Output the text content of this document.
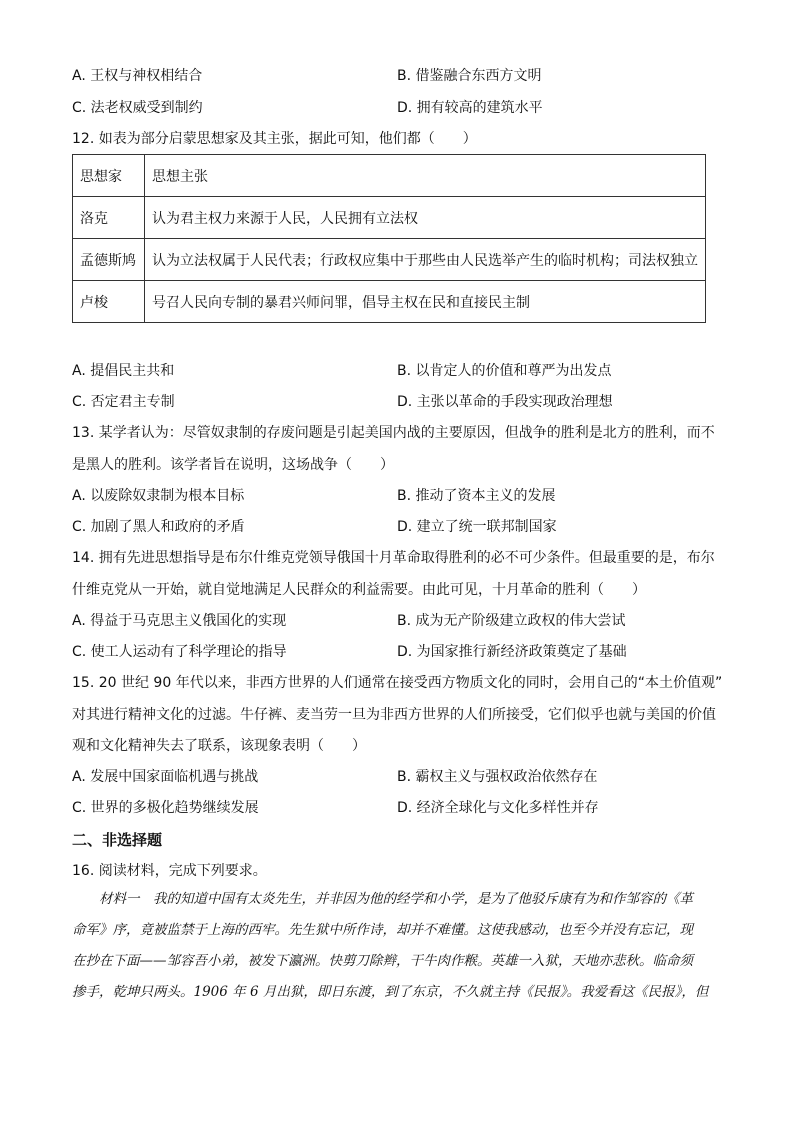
A. 王权与神权相结合	B. 借鉴融合东西方文明
C. 法老权威受到制约	D. 拥有较高的建筑水平
12. 如表为部分启蒙思想家及其主张，据此可知，他们都（　　）
思想家	思想主张
洛克	认为君主权力来源于人民，人民拥有立法权
孟德斯鸠	认为立法权属于人民代表；行政权应集中于那些由人民选举产生的临时机构；司法权独立
卢梭	号召人民向专制的暴君兴师问罪，倡导主权在民和直接民主制
A. 提倡民主共和	B. 以肯定人的价值和尊严为出发点
C. 否定君主专制	D. 主张以革命的手段实现政治理想
13. 某学者认为：尽管奴隶制的存废问题是引起美国内战的主要原因，但战争的胜利是北方的胜利，而不
是黑人的胜利。该学者旨在说明，这场战争（　　）
A. 以废除奴隶制为根本目标	B. 推动了资本主义的发展
C. 加剧了黑人和政府的矛盾	D. 建立了统一联邦制国家
14. 拥有先进思想指导是布尔什维克党领导俄国十月革命取得胜利的必不可少条件。但最重要的是，布尔
什维克党从一开始，就自觉地满足人民群众的利益需要。由此可见，十月革命的胜利（　　）
A. 得益于马克思主义俄国化的实现	B. 成为无产阶级建立政权的伟大尝试
C. 使工人运动有了科学理论的指导	D. 为国家推行新经济政策奠定了基础
15. 20 世纪 90 年代以来，非西方世界的人们通常在接受西方物质文化的同时，会用自己的“本土价值观”
对其进行精神文化的过滤。牛仔裤、麦当劳一旦为非西方世界的人们所接受，它们似乎也就与美国的价值
观和文化精神失去了联系，该现象表明（　　）
A. 发展中国家面临机遇与挑战	B. 霸权主义与强权政治依然存在
C. 世界的多极化趋势继续发展	D. 经济全球化与文化多样性并存
二、非选择题
16. 阅读材料，完成下列要求。
　　材料一　我的知道中国有太炎先生，并非因为他的经学和小学，是为了他驳斥康有为和作邹容的《革
命军》序，竟被监禁于上海的西牢。先生狱中所作诗，却并不难懂。这使我感动，也至今并没有忘记，现
在抄在下面——邹容吾小弟，被发下瀛洲。快剪刀除辫，干牛肉作糇。英雄一入狱，天地亦悲秋。临命须
掺手，乾坤只两头。1906 年 6 月出狱，即日东渡，到了东京，不久就主持《民报》。我爱看这《民报》，但
